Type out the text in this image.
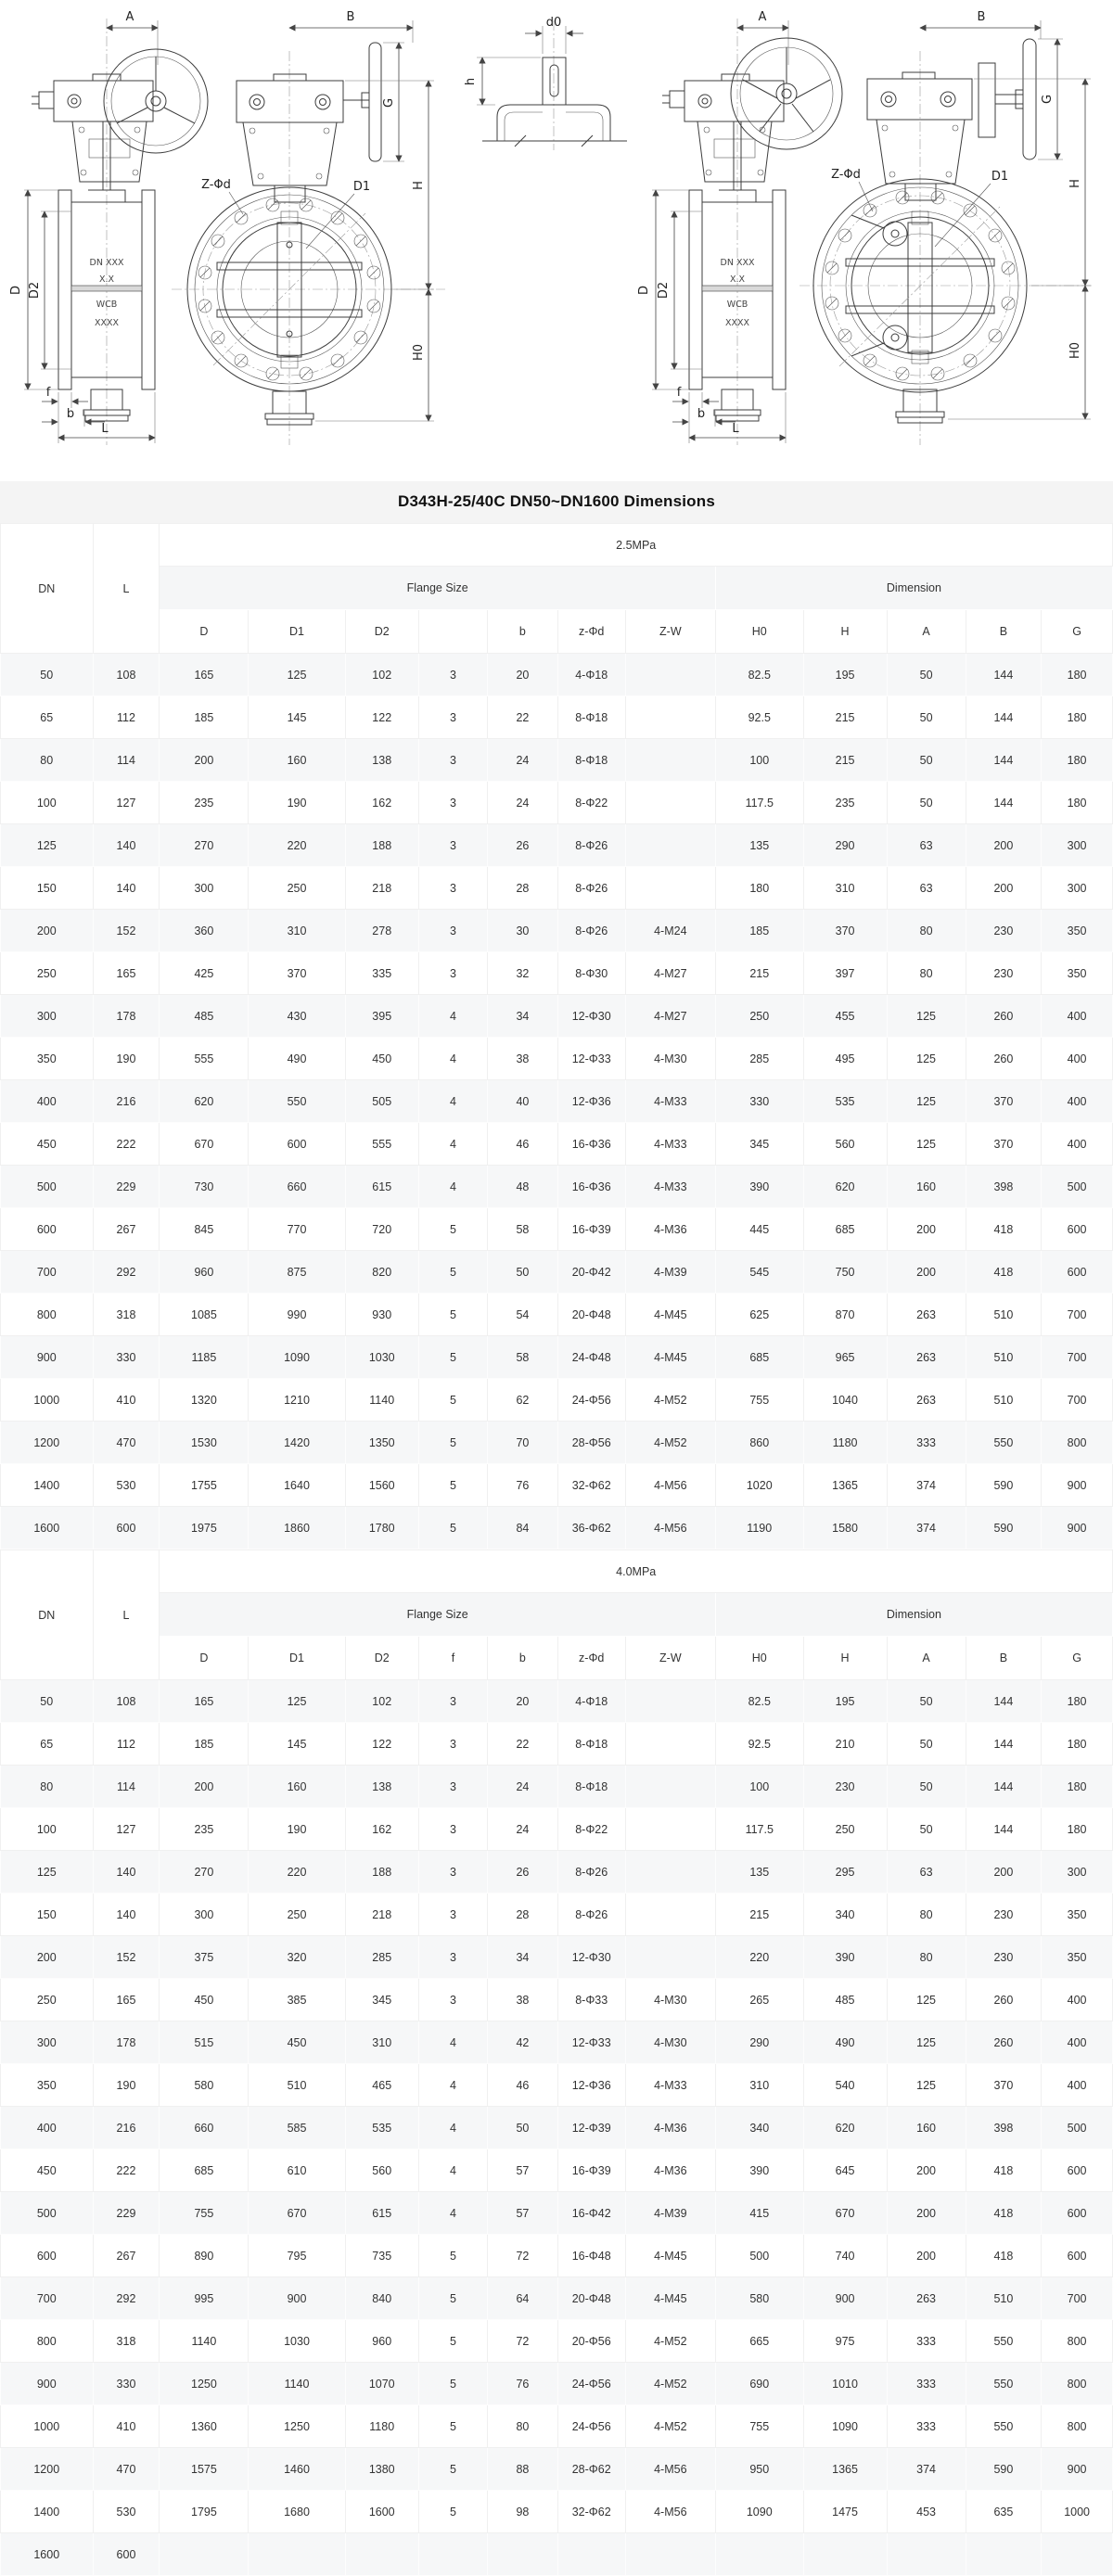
A
DN XXX
X.X
WCB
XXXX
D D2
f
b
L
B
G
H
H0
Z-Φd	D1
d0
h
A
DN XXX
X.X
WCB
XXXX
D D2
f
b
L
B
G
H
H0
Z-Φd	D1
D343H-25/40C DN50~DN1600 Dimensions
DN	L	2.5MPa											
		Flange Size							Dimension				
		D	D1	D2		b	z-Φd	Z-W	H0	H	A	B	G
50	108	165	125	102	3	20	4-Φ18		82.5	195	50	144	180
65	112	185	145	122	3	22	8-Φ18		92.5	215	50	144	180
80	114	200	160	138	3	24	8-Φ18		100	215	50	144	180
100	127	235	190	162	3	24	8-Φ22		117.5	235	50	144	180
125	140	270	220	188	3	26	8-Φ26		135	290	63	200	300
150	140	300	250	218	3	28	8-Φ26		180	310	63	200	300
200	152	360	310	278	3	30	8-Φ26	4-M24	185	370	80	230	350
250	165	425	370	335	3	32	8-Φ30	4-M27	215	397	80	230	350
300	178	485	430	395	4	34	12-Φ30	4-M27	250	455	125	260	400
350	190	555	490	450	4	38	12-Φ33	4-M30	285	495	125	260	400
400	216	620	550	505	4	40	12-Φ36	4-M33	330	535	125	370	400
450	222	670	600	555	4	46	16-Φ36	4-M33	345	560	125	370	400
500	229	730	660	615	4	48	16-Φ36	4-M33	390	620	160	398	500
600	267	845	770	720	5	58	16-Φ39	4-M36	445	685	200	418	600
700	292	960	875	820	5	50	20-Φ42	4-M39	545	750	200	418	600
800	318	1085	990	930	5	54	20-Φ48	4-M45	625	870	263	510	700
900	330	1185	1090	1030	5	58	24-Φ48	4-M45	685	965	263	510	700
1000	410	1320	1210	1140	5	62	24-Φ56	4-M52	755	1040	263	510	700
1200	470	1530	1420	1350	5	70	28-Φ56	4-M52	860	1180	333	550	800
1400	530	1755	1640	1560	5	76	32-Φ62	4-M56	1020	1365	374	590	900
1600	600	1975	1860	1780	5	84	36-Φ62	4-M56	1190	1580	374	590	900
DN	L	4.0MPa											
		Flange Size							Dimension				
		D	D1	D2	f	b	z-Φd	Z-W	H0	H	A	B	G
50	108	165	125	102	3	20	4-Φ18		82.5	195	50	144	180
65	112	185	145	122	3	22	8-Φ18		92.5	210	50	144	180
80	114	200	160	138	3	24	8-Φ18		100	230	50	144	180
100	127	235	190	162	3	24	8-Φ22		117.5	250	50	144	180
125	140	270	220	188	3	26	8-Φ26		135	295	63	200	300
150	140	300	250	218	3	28	8-Φ26		215	340	80	230	350
200	152	375	320	285	3	34	12-Φ30		220	390	80	230	350
250	165	450	385	345	3	38	8-Φ33	4-M30	265	485	125	260	400
300	178	515	450	310	4	42	12-Φ33	4-M30	290	490	125	260	400
350	190	580	510	465	4	46	12-Φ36	4-M33	310	540	125	370	400
400	216	660	585	535	4	50	12-Φ39	4-M36	340	620	160	398	500
450	222	685	610	560	4	57	16-Φ39	4-M36	390	645	200	418	600
500	229	755	670	615	4	57	16-Φ42	4-M39	415	670	200	418	600
600	267	890	795	735	5	72	16-Φ48	4-M45	500	740	200	418	600
700	292	995	900	840	5	64	20-Φ48	4-M45	580	900	263	510	700
800	318	1140	1030	960	5	72	20-Φ56	4-M52	665	975	333	550	800
900	330	1250	1140	1070	5	76	24-Φ56	4-M52	690	1010	333	550	800
1000	410	1360	1250	1180	5	80	24-Φ56	4-M52	755	1090	333	550	800
1200	470	1575	1460	1380	5	88	28-Φ62	4-M56	950	1365	374	590	900
1400	530	1795	1680	1600	5	98	32-Φ62	4-M56	1090	1475	453	635	1000
1600	600												
